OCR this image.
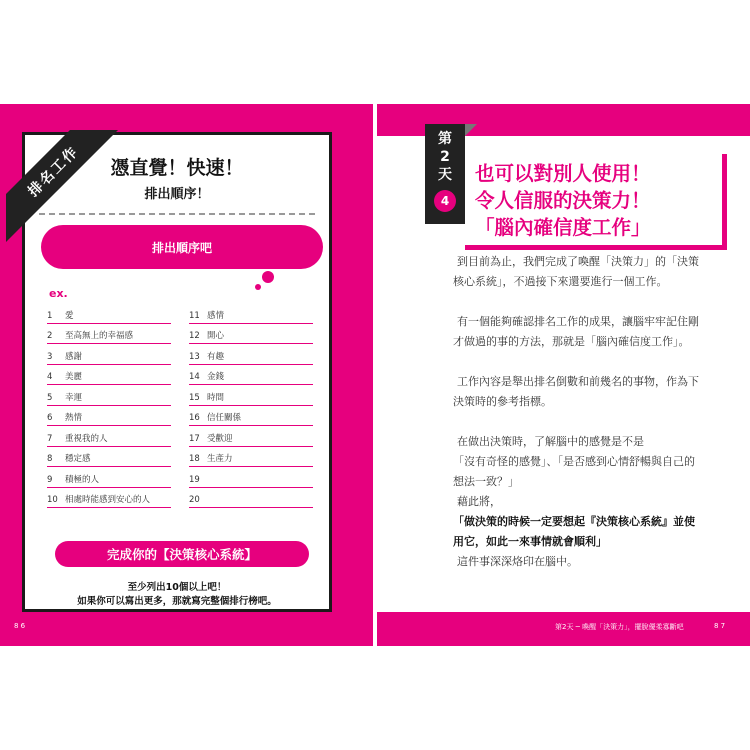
憑直覺！快速！
排出順序！
排出順序吧
ex.
1	愛
2	至高無上的幸福感
3	感謝
4	美麗
5	幸運
6	熱情
7	重視我的人
8	穩定感
9	積極的人
10 相處時能感到安心的人
11 感情
12 開心
13 有趣
14 金錢
15 時間
16 信任關係
17 受歡迎
18 生產力
19
20
完成你的【決策核心系統】
至少列出10個以上吧！
如果你可以寫出更多，那就寫完整個排行榜吧。
排名工作
8 6
第
2
天
4
也可以對別人使用！
令人信服的決策力！
「腦內確信度工作」
到目前為止，我們完成了喚醒「決策力」的「決策
核心系統」，不過接下來還要進行一個工作。
有一個能夠確認排名工作的成果，讓腦牢牢記住剛
才做過的事的方法，那就是「腦內確信度工作」。
工作內容是舉出排名倒數和前幾名的事物，作為下
決策時的參考指標。
在做出決策時，了解腦中的感覺是不是
「沒有奇怪的感覺」、「是否感到心情舒暢與自己的
想法一致？」
藉此將，
「做決策的時候一定要想起『決策核心系統』並使
用它，如此一來事情就會順利」
這件事深深烙印在腦中。
第2天 ─ 喚醒「決策力」，擺脫優柔寡斷吧	8 7
